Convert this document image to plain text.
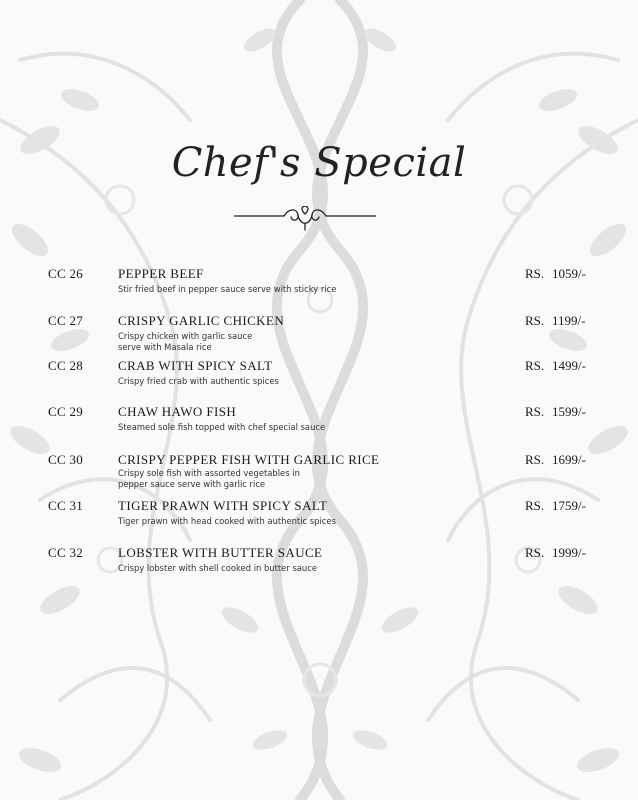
Chef's Special
CC 26	PEPPER BEEF
Stir fried beef in pepper sauce serve with sticky rice
RS. 1059/-
CC 27	CRISPY GARLIC CHICKEN
Crispy chicken with garlic sauce serve with Masala rice
RS. 1199/-
CC 28	CRAB WITH SPICY SALT
Crispy fried crab with authentic spices
RS. 1499/-
CC 29	CHAW HAWO FISH
Steamed sole fish topped with chef special sauce
RS. 1599/-
CC 30	CRISPY PEPPER FISH WITH GARLIC RICE
Crispy sole fish with assorted vegetables in pepper sauce serve with garlic rice
RS. 1699/-
CC 31	TIGER PRAWN WITH SPICY SALT
Tiger prawn with head cooked with authentic spices
RS. 1759/-
CC 32	LOBSTER WITH BUTTER SAUCE
Crispy lobster with shell cooked in butter sauce
RS. 1999/-
